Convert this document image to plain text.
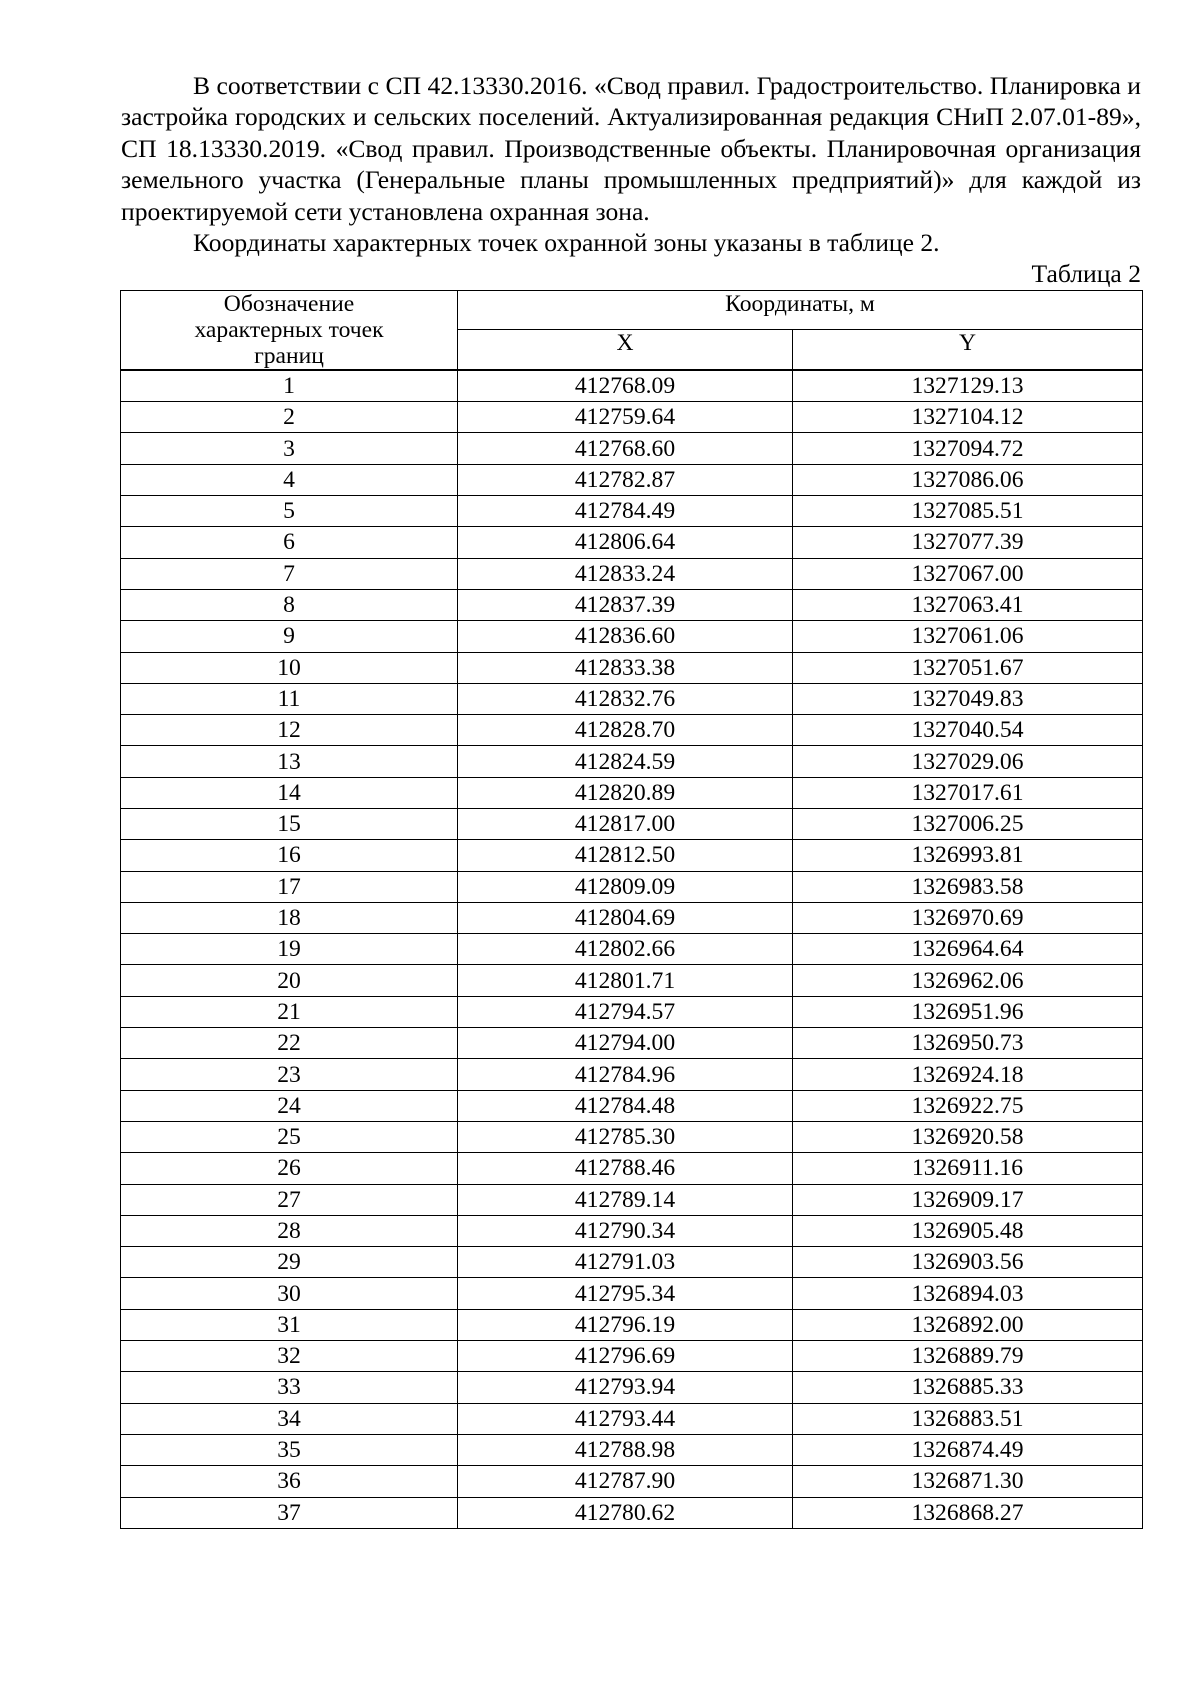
В соответствии с СП 42.13330.2016. «Свод правил. Градостроительство. Планировка и застройка городских и сельских поселений. Актуализированная редакция СНиП 2.07.01-89», СП 18.13330.2019. «Свод правил. Производственные объекты. Планировочная организация земельного участка (Генеральные планы промышленных предприятий)» для каждой из проектируемой сети установлена охранная зона.

Координаты характерных точек охранной зоны указаны в таблице 2.

Таблица 2

Обозначение характерных точек границ	Координаты, м	
	X	Y
1	412768.09	1327129.13
2	412759.64	1327104.12
3	412768.60	1327094.72
4	412782.87	1327086.06
5	412784.49	1327085.51
6	412806.64	1327077.39
7	412833.24	1327067.00
8	412837.39	1327063.41
9	412836.60	1327061.06
10	412833.38	1327051.67
11	412832.76	1327049.83
12	412828.70	1327040.54
13	412824.59	1327029.06
14	412820.89	1327017.61
15	412817.00	1327006.25
16	412812.50	1326993.81
17	412809.09	1326983.58
18	412804.69	1326970.69
19	412802.66	1326964.64
20	412801.71	1326962.06
21	412794.57	1326951.96
22	412794.00	1326950.73
23	412784.96	1326924.18
24	412784.48	1326922.75
25	412785.30	1326920.58
26	412788.46	1326911.16
27	412789.14	1326909.17
28	412790.34	1326905.48
29	412791.03	1326903.56
30	412795.34	1326894.03
31	412796.19	1326892.00
32	412796.69	1326889.79
33	412793.94	1326885.33
34	412793.44	1326883.51
35	412788.98	1326874.49
36	412787.90	1326871.30
37	412780.62	1326868.27
